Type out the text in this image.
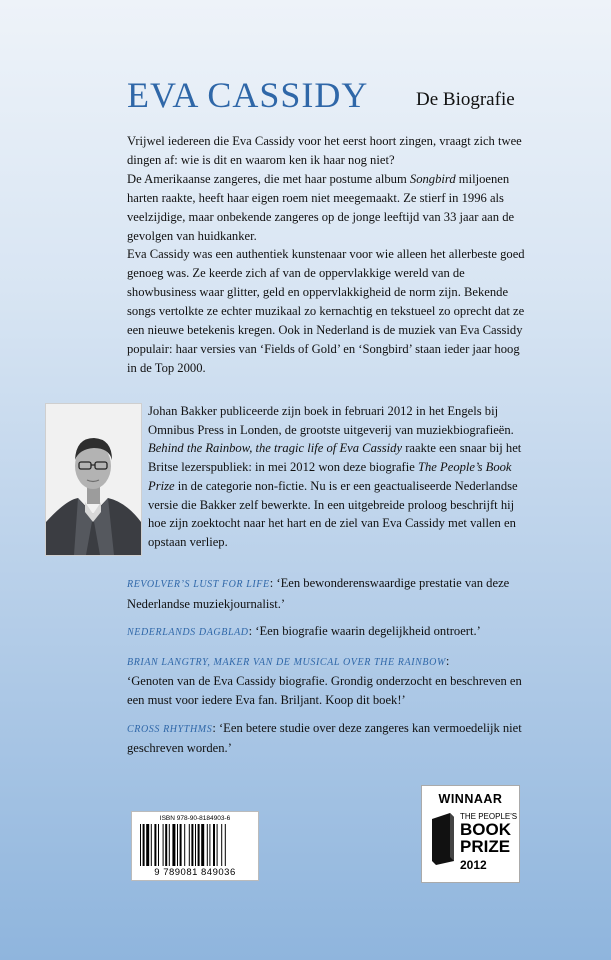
EVA CASSIDY	De Biografie

Vrijwel iedereen die Eva Cassidy voor het eerst hoort zingen, vraagt zich twee dingen af: wie is dit en waarom ken ik haar nog niet?

De Amerikaanse zangeres, die met haar postume album Songbird miljoenen harten raakte, heeft haar eigen roem niet meegemaakt. Ze stierf in 1996 als veelzijdige, maar onbekende zangeres op de jonge leeftijd van 33 jaar aan de gevolgen van huidkanker.

Eva Cassidy was een authentiek kunstenaar voor wie alleen het allerbeste goed genoeg was. Ze keerde zich af van de oppervlakkige wereld van de showbusiness waar glitter, geld en oppervlakkigheid de norm zijn. Bekende songs vertolkte ze echter muzikaal zo kernachtig en tekstueel zo oprecht dat ze een nieuwe betekenis kregen. Ook in Nederland is de muziek van Eva Cassidy populair: haar versies van ‘Fields of Gold’ en ‘Songbird’ staan ieder jaar hoog in de Top 2000.

Johan Bakker publiceerde zijn boek in februari 2012 in het Engels bij Omnibus Press in Londen, de grootste uitgeverij van muziekbiografieën. Behind the Rainbow, the tragic life of Eva Cassidy raakte een snaar bij het Britse lezerspubliek: in mei 2012 won deze biografie The People’s Book Prize in de categorie non-fictie. Nu is er een geactualiseerde Nederlandse versie die Bakker zelf bewerkte. In een uitgebreide proloog beschrijft hij hoe zijn zoektocht naar het hart en de ziel van Eva Cassidy met vallen en opstaan verliep.

REVOLVER’S LUST FOR LIFE: ‘Een bewonderenswaardige prestatie van deze Nederlandse muziekjournalist.’

NEDERLANDS DAGBLAD: ‘Een biografie waarin degelijkheid ontroert.’

BRIAN LANGTRY, MAKER VAN DE MUSICAL OVER THE RAINBOW:
‘Genoten van de Eva Cassidy biografie. Grondig onderzocht en beschreven en een must voor iedere Eva fan. Briljant. Koop dit boek!’

CROSS RHYTHMS: ‘Een betere studie over deze zangeres kan vermoedelijk niet geschreven worden.’

ISBN 978-90-8184903-6
9 789081 849036
WINNAAR
THE PEOPLE'S
BOOK
PRIZE
2012
